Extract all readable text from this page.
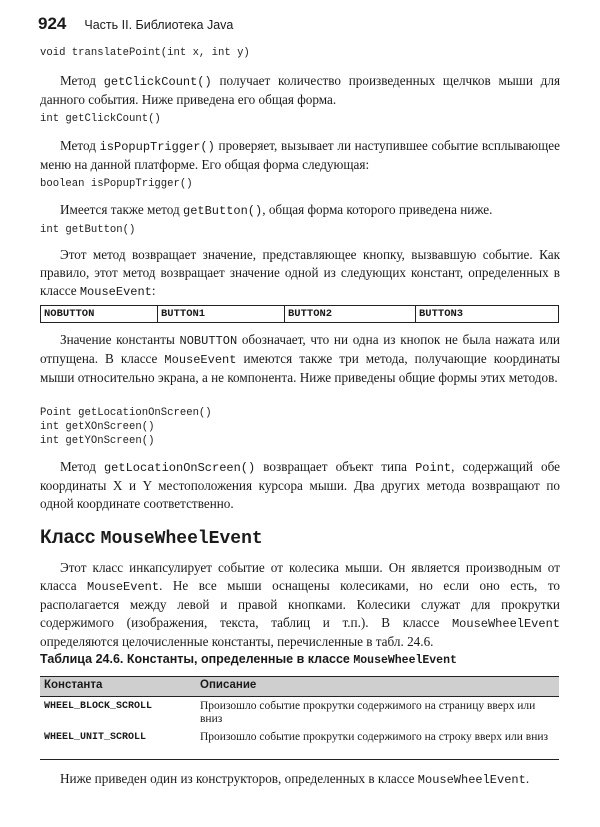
924 Часть II. Библиотека Java
void translatePoint(int x, int y)
Метод getClickCount() получает количество произведенных щелчков мыши для данного события. Ниже приведена его общая форма.
int getClickCount()
Метод isPopupTrigger() проверяет, вызывает ли наступившее событие всплывающее меню на данной платформе. Его общая форма следующая:
boolean isPopupTrigger()
Имеется также метод getButton(), общая форма которого приведена ниже.
int getButton()
Этот метод возвращает значение, представляющее кнопку, вызвавшую событие. Как правило, этот метод возвращает значение одной из следующих констант, определенных в классе MouseEvent:
NOBUTTON	BUTTON1	BUTTON2	BUTTON3
Значение константы NOBUTTON обозначает, что ни одна из кнопок не была нажата или отпущена. В классе MouseEvent имеются также три метода, получающие координаты мыши относительно экрана, а не компонента. Ниже приведены общие формы этих методов.
Point getLocationOnScreen()
int getXOnScreen()
int getYOnScreen()
Метод getLocationOnScreen() возвращает объект типа Point, содержащий обе координаты X и Y местоположения курсора мыши. Два других метода возвращают по одной координате соответственно.
Класс MouseWheelEvent
Этот класс инкапсулирует событие от колесика мыши. Он является производным от класса MouseEvent. Не все мыши оснащены колесиками, но если оно есть, то располагается между левой и правой кнопками. Колесики служат для прокрутки содержимого (изображения, текста, таблиц и т.п.). В классе MouseWheelEvent определяются целочисленные константы, перечисленные в табл. 24.6.
Таблица 24.6. Константы, определенные в классе MouseWheelEvent
Константа	Описание
WHEEL_BLOCK_SCROLL	Произошло событие прокрутки содержимого на страницу вверх или вниз
WHEEL_UNIT_SCROLL	Произошло событие прокрутки содержимого на строку вверх или вниз
Ниже приведен один из конструкторов, определенных в классе MouseWheelEvent.
